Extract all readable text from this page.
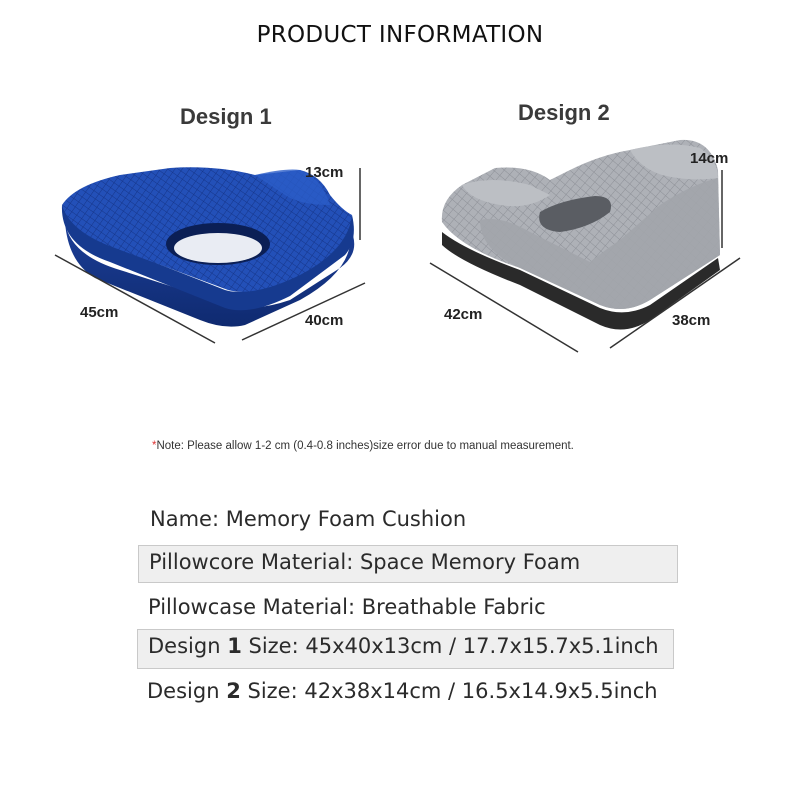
PRODUCT INFORMATION
Design 1	Design 2
13cm
45cm	40cm
14cm
42cm	38cm
*Note: Please allow 1-2 cm (0.4-0.8 inches)size error due to manual measurement.
Name: Memory Foam Cushion
Pillowcore Material: Space Memory Foam
Pillowcase Material: Breathable Fabric
Design 1 Size: 45x40x13cm / 17.7x15.7x5.1inch
Design 2 Size: 42x38x14cm / 16.5x14.9x5.5inch
